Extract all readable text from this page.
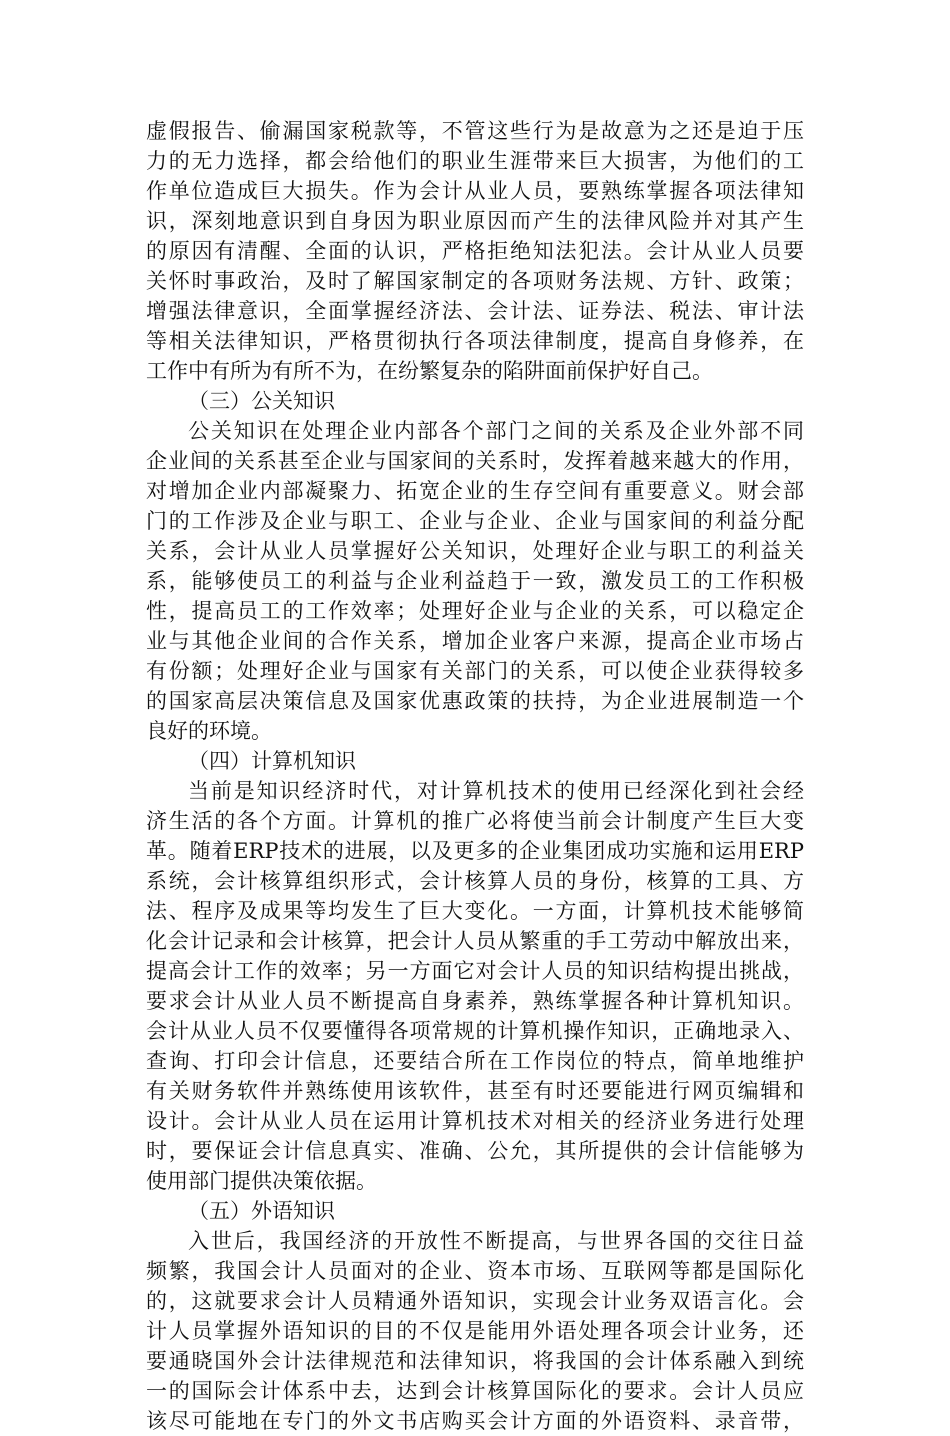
虚假报告、偷漏国家税款等，不管这些行为是故意为之还是迫于压
力的无力选择，都会给他们的职业生涯带来巨大损害，为他们的工
作单位造成巨大损失。作为会计从业人员，要熟练掌握各项法律知
识，深刻地意识到自身因为职业原因而产生的法律风险并对其产生
的原因有清醒、全面的认识，严格拒绝知法犯法。会计从业人员要
关怀时事政治，及时了解国家制定的各项财务法规、方针、政策；
增强法律意识，全面掌握经济法、会计法、证券法、税法、审计法
等相关法律知识，严格贯彻执行各项法律制度，提高自身修养，在
工作中有所为有所不为，在纷繁复杂的陷阱面前保护好自己。
（三）公关知识
公关知识在处理企业内部各个部门之间的关系及企业外部不同
企业间的关系甚至企业与国家间的关系时，发挥着越来越大的作用，
对增加企业内部凝聚力、拓宽企业的生存空间有重要意义。财会部
门的工作涉及企业与职工、企业与企业、企业与国家间的利益分配
关系，会计从业人员掌握好公关知识，处理好企业与职工的利益关
系，能够使员工的利益与企业利益趋于一致，激发员工的工作积极
性，提高员工的工作效率；处理好企业与企业的关系，可以稳定企
业与其他企业间的合作关系，增加企业客户来源，提高企业市场占
有份额；处理好企业与国家有关部门的关系，可以使企业获得较多
的国家高层决策信息及国家优惠政策的扶持，为企业进展制造一个
良好的环境。
（四）计算机知识
当前是知识经济时代，对计算机技术的使用已经深化到社会经
济生活的各个方面。计算机的推广必将使当前会计制度产生巨大变
革。随着ERP技术的进展，以及更多的企业集团成功实施和运用ERP
系统，会计核算组织形式，会计核算人员的身份，核算的工具、方
法、程序及成果等均发生了巨大变化。一方面，计算机技术能够简
化会计记录和会计核算，把会计人员从繁重的手工劳动中解放出来，
提高会计工作的效率；另一方面它对会计人员的知识结构提出挑战，
要求会计从业人员不断提高自身素养，熟练掌握各种计算机知识。
会计从业人员不仅要懂得各项常规的计算机操作知识，正确地录入、
查询、打印会计信息，还要结合所在工作岗位的特点，简单地维护
有关财务软件并熟练使用该软件，甚至有时还要能进行网页编辑和
设计。会计从业人员在运用计算机技术对相关的经济业务进行处理
时，要保证会计信息真实、准确、公允，其所提供的会计信能够为
使用部门提供决策依据。
（五）外语知识
入世后，我国经济的开放性不断提高，与世界各国的交往日益
频繁，我国会计人员面对的企业、资本市场、互联网等都是国际化
的，这就要求会计人员精通外语知识，实现会计业务双语言化。会
计人员掌握外语知识的目的不仅是能用外语处理各项会计业务，还
要通晓国外会计法律规范和法律知识，将我国的会计体系融入到统
一的国际会计体系中去，达到会计核算国际化的要求。会计人员应
该尽可能地在专门的外文书店购买会计方面的外语资料、录音带，
